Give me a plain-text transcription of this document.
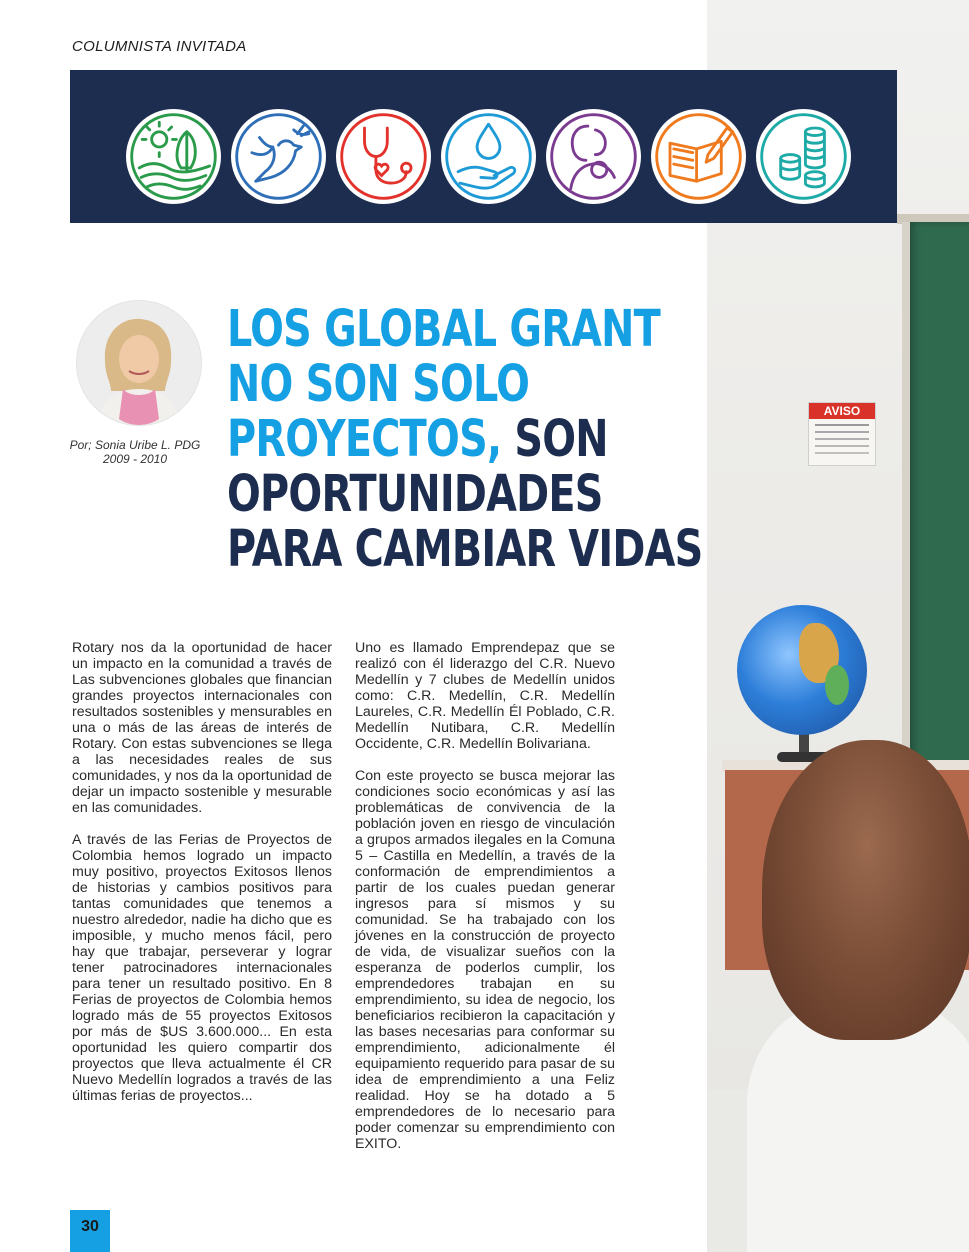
COLUMNISTA INVITADA
AVISO
Por; Sonia Uribe L. PDG
2009 - 2010
LOS GLOBAL GRANT
NO SON SOLO
PROYECTOS, SON
OPORTUNIDADES
PARA CAMBIAR VIDAS

Rotary nos da la oportunidad de hacer un impacto en la comunidad a través de Las subvenciones globales que financian grandes proyectos internacionales con resultados sostenibles y mensurables en una o más de las áreas de interés de Rotary. Con estas subvenciones se llega a las necesidades reales de sus comunidades, y nos da la oportunidad de dejar un impacto sostenible y mesurable en las comunidades.

A través de las Ferias de Proyectos de Colombia hemos logrado un impacto muy positivo, proyectos Exitosos llenos de historias y cambios positivos para tantas comunidades que tenemos a nuestro alrededor, nadie ha dicho que es imposible, y mucho menos fácil, pero hay que trabajar, perseverar y lograr tener patrocinadores internacionales para tener un resultado positivo. En 8 Ferias de proyectos de Colombia hemos logrado más de 55 proyectos Exitosos por más de $US 3.600.000... En esta oportunidad les quiero compartir dos proyectos que lleva actualmente él CR Nuevo Medellín logrados a través de las últimas ferias de proyectos...

Uno es llamado Emprendepaz que se realizó con él liderazgo del C.R. Nuevo Medellín y 7 clubes de Medellín unidos como: C.R. Medellín, C.R. Medellín Laureles, C.R. Medellín Él Poblado, C.R. Medellín Nutibara, C.R. Medellín Occidente, C.R. Medellín Bolivariana.

Con este proyecto se busca mejorar las condiciones socio económicas y así las problemáticas de convivencia de la población joven en riesgo de vinculación a grupos armados ilegales en la Comuna 5 – Castilla en Medellín, a través de la conformación de emprendimientos a partir de los cuales puedan generar ingresos para sí mismos y su comunidad. Se ha trabajado con los jóvenes en la construcción de proyecto de vida, de visualizar sueños con la esperanza de poderlos cumplir, los emprendedores trabajan en su emprendimiento, su idea de negocio, los beneficiarios recibieron la capacitación y las bases necesarias para conformar su emprendimiento, adicionalmente él equipamiento requerido para pasar de su idea de emprendimiento a una Feliz realidad. Hoy se ha dotado a 5 emprendedores de lo necesario para poder comenzar su emprendimiento con EXITO.

30
